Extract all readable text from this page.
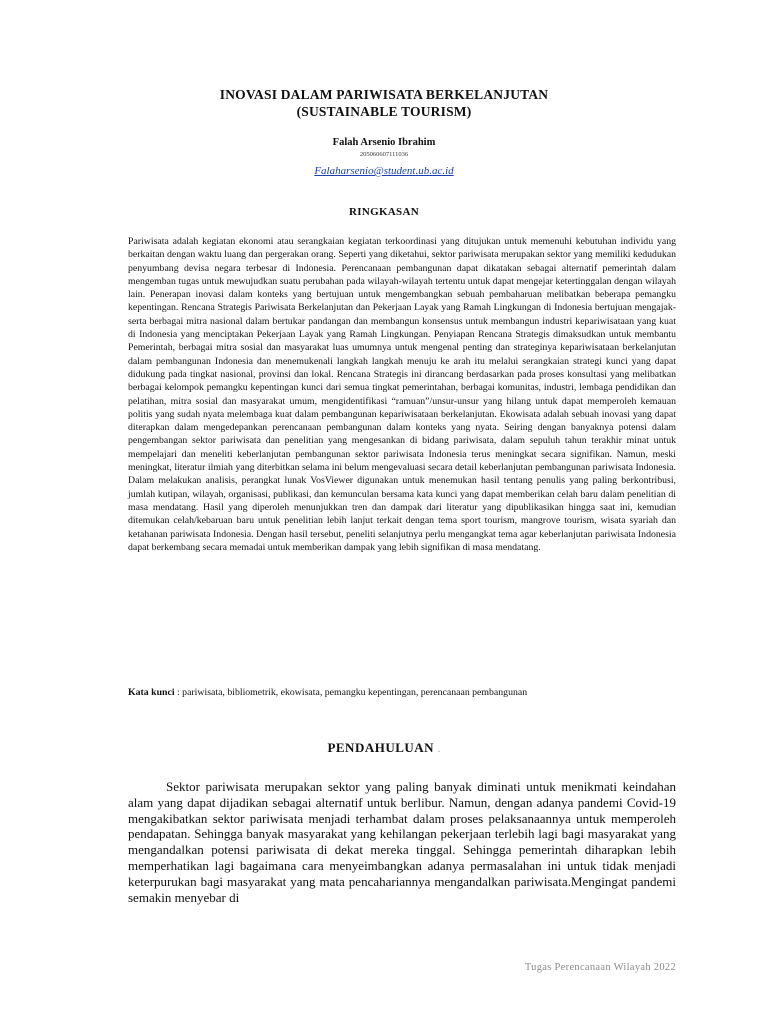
INOVASI DALAM PARIWISATA BERKELANJUTAN
(SUSTAINABLE TOURISM)
Falah Arsenio Ibrahim
205060607111036
Falaharsenio@student.ub.ac.id
RINGKASAN

Pariwisata adalah kegiatan ekonomi atau serangkaian kegiatan terkoordinasi yang ditujukan untuk memenuhi kebutuhan individu yang berkaitan dengan waktu luang dan pergerakan orang. Seperti yang diketahui, sektor pariwisata merupakan sektor yang memiliki kedudukan penyumbang devisa negara terbesar di Indonesia. Perencanaan pembangunan dapat dikatakan sebagai alternatif pemerintah dalam mengemban tugas untuk mewujudkan suatu perubahan pada wilayah-wilayah tertentu untuk dapat mengejar ketertinggalan dengan wilayah lain. Penerapan inovasi dalam konteks yang bertujuan untuk mengembangkan sebuah pembaharuan melibatkan beberapa pemangku kepentingan. Rencana Strategis Pariwisata Berkelanjutan dan Pekerjaan Layak yang Ramah Lingkungan di Indonesia bertujuan mengajak-serta berbagai mitra nasional dalam bertukar pandangan dan membangun konsensus untuk membangun industri kepariwisataan yang kuat di Indonesia yang menciptakan Pekerjaan Layak yang Ramah Lingkungan. Penyiapan Rencana Strategis dimaksudkan untuk membantu Pemerintah, berbagai mitra sosial dan masyarakat luas umumnya untuk mengenal penting dan strateginya kepariwisataan berkelanjutan dalam pembangunan Indonesia dan menemukenali langkah langkah menuju ke arah itu melalui serangkaian strategi kunci yang dapat didukung pada tingkat nasional, provinsi dan lokal. Rencana Strategis ini dirancang berdasarkan pada proses konsultasi yang melibatkan berbagai kelompok pemangku kepentingan kunci dari semua tingkat pemerintahan, berbagai komunitas, industri, lembaga pendidikan dan pelatihan, mitra sosial dan masyarakat umum, mengidentifikasi “ramuan”/unsur-unsur yang hilang untuk dapat memperoleh kemauan politis yang sudah nyata melembaga kuat dalam pembangunan kepariwisataan berkelanjutan. Ekowisata adalah sebuah inovasi yang dapat diterapkan dalam mengedepankan perencanaan pembangunan dalam konteks yang nyata. Seiring dengan banyaknya potensi dalam pengembangan sektor pariwisata dan penelitian yang mengesankan di bidang pariwisata, dalam sepuluh tahun terakhir minat untuk mempelajari dan meneliti keberlanjutan pembangunan sektor pariwisata Indonesia terus meningkat secara signifikan. Namun, meski meningkat, literatur ilmiah yang diterbitkan selama ini belum mengevaluasi secara detail keberlanjutan pembangunan pariwisata Indonesia. Dalam melakukan analisis, perangkat lunak VosViewer digunakan untuk menemukan hasil tentang penulis yang paling berkontribusi, jumlah kutipan, wilayah, organisasi, publikasi, dan kemunculan bersama kata kunci yang dapat memberikan celah baru dalam penelitian di masa mendatang. Hasil yang diperoleh menunjukkan tren dan dampak dari literatur yang dipublikasikan hingga saat ini, kemudian ditemukan celah/kebaruan baru untuk penelitian lebih lanjut terkait dengan tema sport tourism, mangrove tourism, wisata syariah dan ketahanan pariwisata Indonesia. Dengan hasil tersebut, peneliti selanjutnya perlu mengangkat tema agar keberlanjutan pariwisata Indonesia dapat berkembang secara memadai untuk memberikan dampak yang lebih signifikan di masa mendatang.

Kata kunci : pariwisata, bibliometrik, ekowisata, pemangku kepentingan, perencanaan pembangunan

PENDAHULUAN .

Sektor pariwisata merupakan sektor yang paling banyak diminati untuk menikmati keindahan alam yang dapat dijadikan sebagai alternatif untuk berlibur. Namun, dengan adanya pandemi Covid-19 mengakibatkan sektor pariwisata menjadi terhambat dalam proses pelaksanaannya untuk memperoleh pendapatan. Sehingga banyak masyarakat yang kehilangan pekerjaan terlebih lagi bagi masyarakat yang mengandalkan potensi pariwisata di dekat mereka tinggal. Sehingga pemerintah diharapkan lebih memperhatikan lagi bagaimana cara menyeimbangkan adanya permasalahan ini untuk tidak menjadi keterpurukan bagi masyarakat yang mata pencahariannya mengandalkan pariwisata.Mengingat pandemi semakin menyebar di

Tugas Perencanaan Wilayah 2022
